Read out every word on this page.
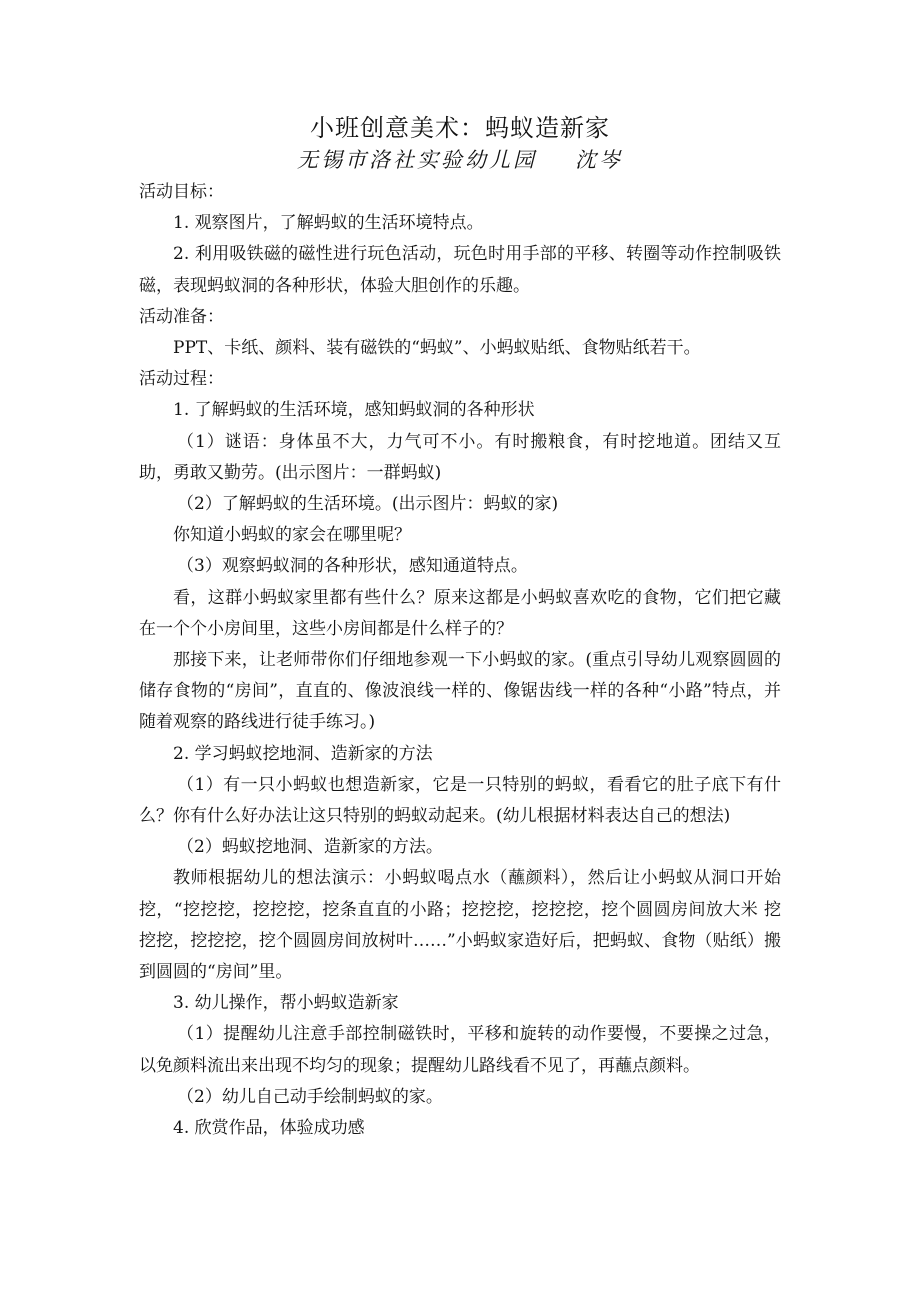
小班创意美术：蚂蚁造新家
无锡市洛社实验幼儿园 沈岑

活动目标：

1. 观察图片，了解蚂蚁的生活环境特点。

2. 利用吸铁磁的磁性进行玩色活动，玩色时用手部的平移、转圈等动作控制吸铁磁，表现蚂蚁洞的各种形状，体验大胆创作的乐趣。

活动准备：

PPT、卡纸、颜料、装有磁铁的“蚂蚁”、小蚂蚁贴纸、食物贴纸若干。

活动过程：

1. 了解蚂蚁的生活环境，感知蚂蚁洞的各种形状

（1）谜语：身体虽不大，力气可不小。有时搬粮食，有时挖地道。团结又互助，勇敢又勤劳。(出示图片：一群蚂蚁)

（2）了解蚂蚁的生活环境。(出示图片：蚂蚁的家)

你知道小蚂蚁的家会在哪里呢？

（3）观察蚂蚁洞的各种形状，感知通道特点。

看，这群小蚂蚁家里都有些什么？原来这都是小蚂蚁喜欢吃的食物，它们把它藏在一个个小房间里，这些小房间都是什么样子的？

那接下来，让老师带你们仔细地参观一下小蚂蚁的家。(重点引导幼儿观察圆圆的储存食物的“房间”，直直的、像波浪线一样的、像锯齿线一样的各种“小路”特点，并随着观察的路线进行徒手练习。)

2. 学习蚂蚁挖地洞、造新家的方法

（1）有一只小蚂蚁也想造新家，它是一只特别的蚂蚁，看看它的肚子底下有什么？你有什么好办法让这只特别的蚂蚁动起来。(幼儿根据材料表达自己的想法)

（2）蚂蚁挖地洞、造新家的方法。

教师根据幼儿的想法演示：小蚂蚁喝点水（蘸颜料），然后让小蚂蚁从洞口开始挖，“挖挖挖，挖挖挖，挖条直直的小路；挖挖挖，挖挖挖，挖个圆圆房间放大米 挖挖挖，挖挖挖，挖个圆圆房间放树叶……”小蚂蚁家造好后，把蚂蚁、食物（贴纸）搬到圆圆的“房间”里。

3. 幼儿操作，帮小蚂蚁造新家

（1）提醒幼儿注意手部控制磁铁时，平移和旋转的动作要慢，不要操之过急，以免颜料流出来出现不均匀的现象；提醒幼儿路线看不见了，再蘸点颜料。

（2）幼儿自己动手绘制蚂蚁的家。

4. 欣赏作品，体验成功感
